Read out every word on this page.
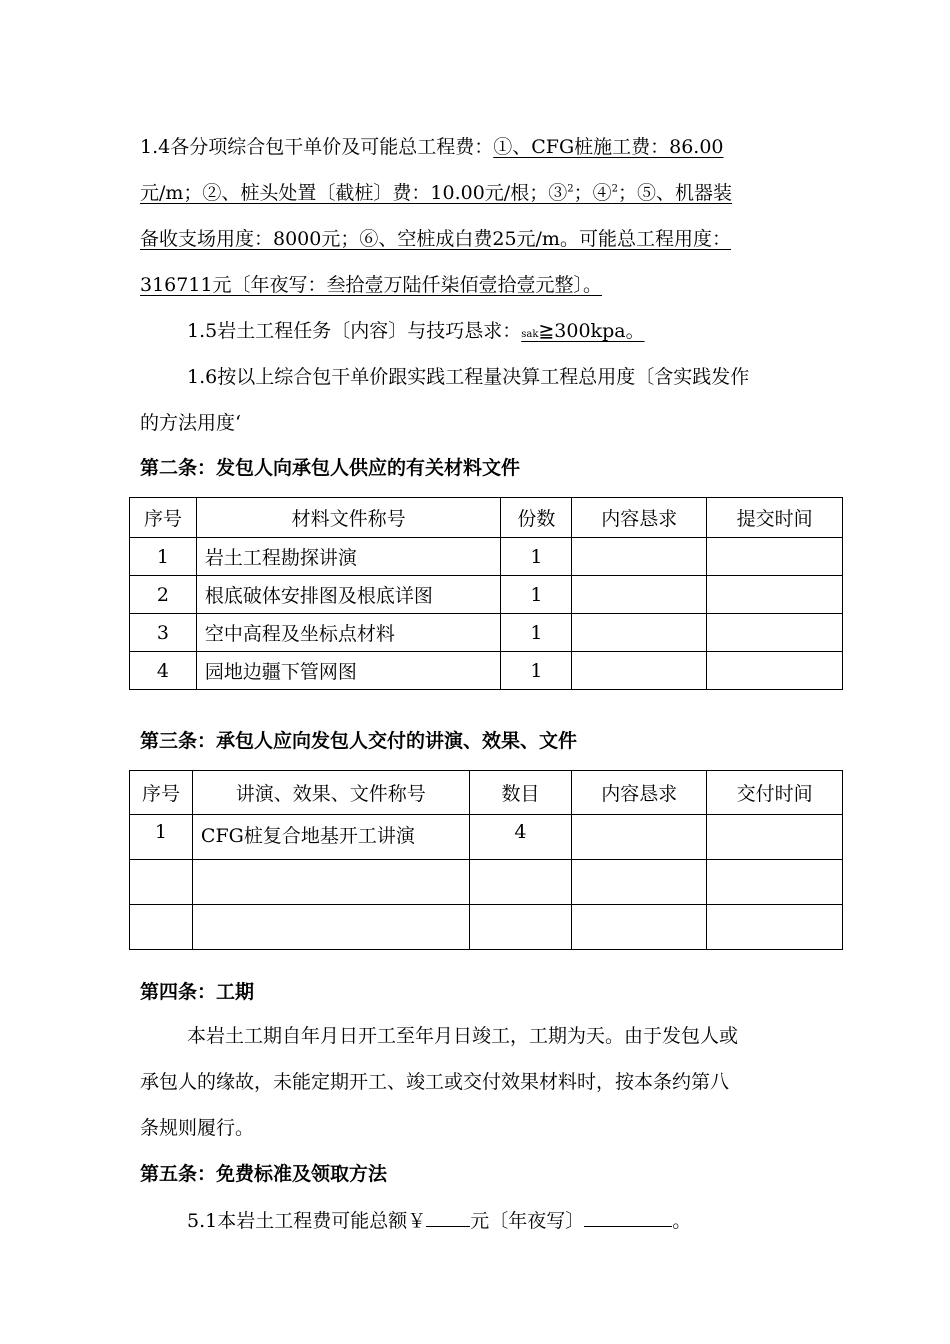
1.4各分项综合包干单价及可能总工程费：①、CFG桩施工费：86.00
元/m；②、桩头处置〔截桩〕费：10.00元/根；③$^2$；④$^2$；⑤、机器装
备收支场用度：8000元；⑥、空桩成白费25元/m。可能总工程用度：
316711元〔年夜写：叁拾壹万陆仟柒佰壹拾壹元整〕。
1.5岩土工程任务〔内容〕与技巧恳求：sak≧300kpa。
1.6按以上综合包干单价跟实践工程量决算工程总用度〔含实践发作
的方法用度‘
第二条：发包人向承包人供应的有关材料文件
序号	材料文件称号	份数	内容恳求	提交时间
1	岩土工程勘探讲演	1		
2	根底破体安排图及根底详图	1		
3	空中高程及坐标点材料	1		
4	园地边疆下管网图	1		
第三条：承包人应向发包人交付的讲演、效果、文件
序号	讲演、效果、文件称号	数目	内容恳求	交付时间
1	CFG桩复合地基开工讲演	4		

第四条：工期
本岩土工期自年月日开工至年月日竣工，工期为天。由于发包人或
承包人的缘故，未能定期开工、竣工或交付效果材料时，按本条约第八
条规则履行。
第五条：免费标准及领取方法
5.1本岩土工程费可能总额￥ 元〔年夜写〕	。
